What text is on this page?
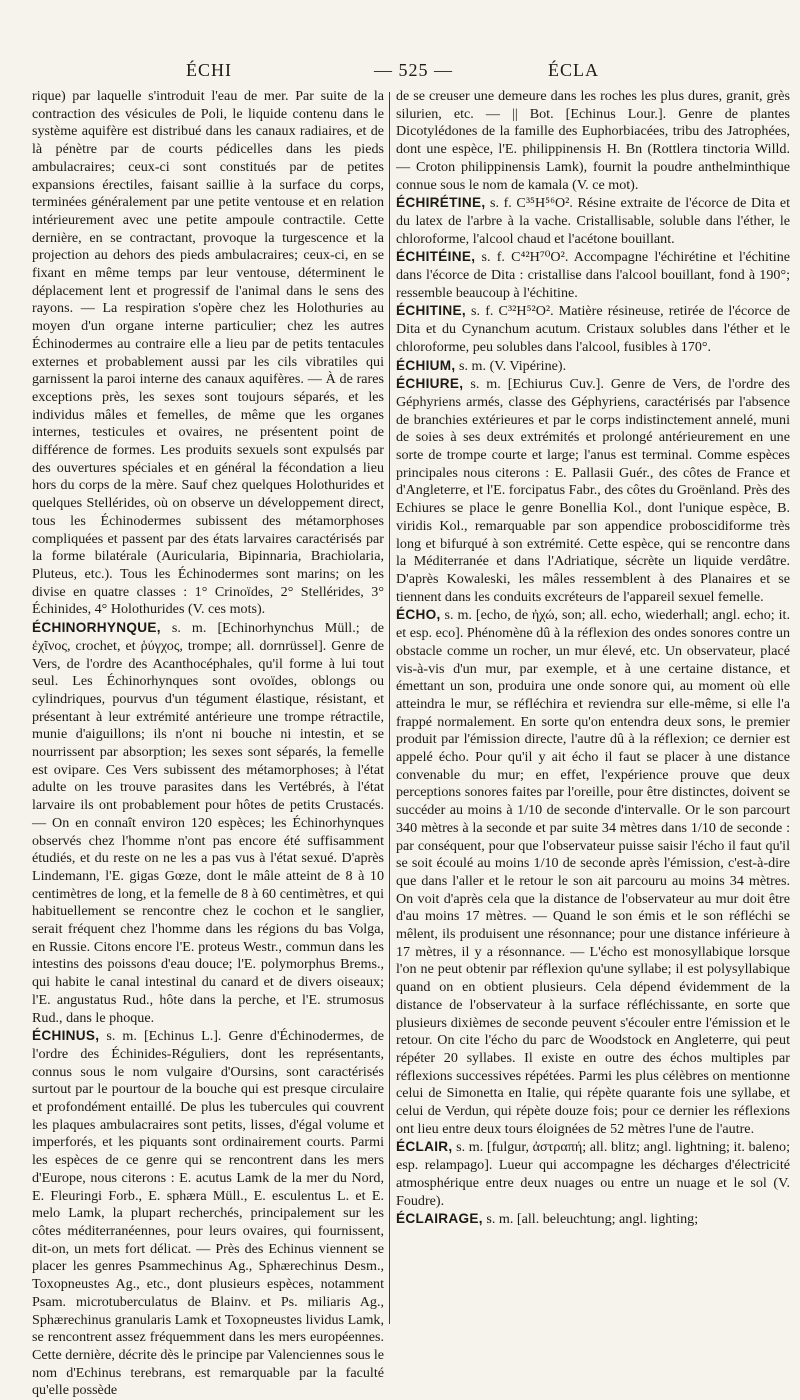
ÉCHI	— 525 —	ÉCLA

rique) par laquelle s'introduit l'eau de mer. Par suite de la contraction des vésicules de Poli, le liquide contenu dans le système aquifère est distribué dans les canaux radiaires, et de là pénètre par de courts pédicelles dans les pieds ambulacraires; ceux-ci sont constitués par de petites expansions érectiles, faisant saillie à la surface du corps, terminées généralement par une petite ventouse et en relation intérieurement avec une petite ampoule contractile. Cette dernière, en se contractant, provoque la turgescence et la projection au dehors des pieds ambulacraires; ceux-ci, en se fixant en même temps par leur ventouse, déterminent le déplacement lent et progressif de l'animal dans le sens des rayons. — La respiration s'opère chez les Holothuries au moyen d'un organe interne particulier; chez les autres Échinodermes au contraire elle a lieu par de petits tentacules externes et probablement aussi par les cils vibratiles qui garnissent la paroi interne des canaux aquifères. — À de rares exceptions près, les sexes sont toujours séparés, et les individus mâles et femelles, de même que les organes internes, testicules et ovaires, ne présentent point de différence de formes. Les produits sexuels sont expulsés par des ouvertures spéciales et en général la fécondation a lieu hors du corps de la mère. Sauf chez quelques Holothurides et quelques Stellérides, où on observe un développement direct, tous les Échinodermes subissent des métamorphoses compliquées et passent par des états larvaires caractérisés par la forme bilatérale (Auricularia, Bipinnaria, Brachiolaria, Pluteus, etc.). Tous les Échinodermes sont marins; on les divise en quatre classes : 1° Crinoïdes, 2° Stellérides, 3° Échinides, 4° Holothurides (V. ces mots).

ÉCHINORHYNQUE, s. m. [Echinorhynchus Müll.; de ἐχῖνος, crochet, et ῥύγχος, trompe; all. dornrüssel]. Genre de Vers, de l'ordre des Acanthocéphales, qu'il forme à lui tout seul. Les Échinorhynques sont ovoïdes, oblongs ou cylindriques, pourvus d'un tégument élastique, résistant, et présentant à leur extrémité antérieure une trompe rétractile, munie d'aiguillons; ils n'ont ni bouche ni intestin, et se nourrissent par absorption; les sexes sont séparés, la femelle est ovipare. Ces Vers subissent des métamorphoses; à l'état adulte on les trouve parasites dans les Vertébrés, à l'état larvaire ils ont probablement pour hôtes de petits Crustacés. — On en connaît environ 120 espèces; les Échinorhynques observés chez l'homme n'ont pas encore été suffisamment étudiés, et du reste on ne les a pas vus à l'état sexué. D'après Lindemann, l'E. gigas Gœze, dont le mâle atteint de 8 à 10 centimètres de long, et la femelle de 8 à 60 centimètres, et qui habituellement se rencontre chez le cochon et le sanglier, serait fréquent chez l'homme dans les régions du bas Volga, en Russie. Citons encore l'E. proteus Westr., commun dans les intestins des poissons d'eau douce; l'E. polymorphus Brems., qui habite le canal intestinal du canard et de divers oiseaux; l'E. angustatus Rud., hôte dans la perche, et l'E. strumosus Rud., dans le phoque.

ÉCHINUS, s. m. [Echinus L.]. Genre d'Échinodermes, de l'ordre des Échinides-Réguliers, dont les représentants, connus sous le nom vulgaire d'Oursins, sont caractérisés surtout par le pourtour de la bouche qui est presque circulaire et profondément entaillé. De plus les tubercules qui couvrent les plaques ambulacraires sont petits, lisses, d'égal volume et imperforés, et les piquants sont ordinairement courts. Parmi les espèces de ce genre qui se rencontrent dans les mers d'Europe, nous citerons : E. acutus Lamk de la mer du Nord, E. Fleuringi Forb., E. sphæra Müll., E. esculentus L. et E. melo Lamk, la plupart recherchés, principalement sur les côtes méditerranéennes, pour leurs ovaires, qui fournissent, dit-on, un mets fort délicat. — Près des Echinus viennent se placer les genres Psammechinus Ag., Sphærechinus Desm., Toxopneustes Ag., etc., dont plusieurs espèces, notamment Psam. microtuberculatus de Blainv. et Ps. miliaris Ag., Sphærechinus granularis Lamk et Toxopneustes lividus Lamk, se rencontrent assez fréquemment dans les mers européennes. Cette dernière, décrite dès le principe par Valenciennes sous le nom d'Echinus terebrans, est remarquable par la faculté qu'elle possède

de se creuser une demeure dans les roches les plus dures, granit, grès silurien, etc. — || Bot. [Echinus Lour.]. Genre de plantes Dicotylédones de la famille des Euphorbiacées, tribu des Jatrophées, dont une espèce, l'E. philippinensis H. Bn (Rottlera tinctoria Willd. — Croton philippinensis Lamk), fournit la poudre anthelminthique connue sous le nom de kamala (V. ce mot).

ÉCHIRÉTINE, s. f. C³⁵H⁵⁶O². Résine extraite de l'écorce de Dita et du latex de l'arbre à la vache. Cristallisable, soluble dans l'éther, le chloroforme, l'alcool chaud et l'acétone bouillant.

ÉCHITÉINE, s. f. C⁴²H⁷⁰O². Accompagne l'échirétine et l'échitine dans l'écorce de Dita : cristallise dans l'alcool bouillant, fond à 190°; ressemble beaucoup à l'échitine.

ÉCHITINE, s. f. C³²H⁵²O². Matière résineuse, retirée de l'écorce de Dita et du Cynanchum acutum. Cristaux solubles dans l'éther et le chloroforme, peu solubles dans l'alcool, fusibles à 170°.

ÉCHIUM, s. m. (V. Vipérine).

ÉCHIURE, s. m. [Echiurus Cuv.]. Genre de Vers, de l'ordre des Géphyriens armés, classe des Géphyriens, caractérisés par l'absence de branchies extérieures et par le corps indistinctement annelé, muni de soies à ses deux extrémités et prolongé antérieurement en une sorte de trompe courte et large; l'anus est terminal. Comme espèces principales nous citerons : E. Pallasii Guér., des côtes de France et d'Angleterre, et l'E. forcipatus Fabr., des côtes du Groënland. Près des Echiures se place le genre Bonellia Kol., dont l'unique espèce, B. viridis Kol., remarquable par son appendice proboscidiforme très long et bifurqué à son extrémité. Cette espèce, qui se rencontre dans la Méditerranée et dans l'Adriatique, sécrète un liquide verdâtre. D'après Kowaleski, les mâles ressemblent à des Planaires et se tiennent dans les conduits excréteurs de l'appareil sexuel femelle.

ÉCHO, s. m. [echo, de ἠχώ, son; all. echo, wiederhall; angl. echo; it. et esp. eco]. Phénomène dû à la réflexion des ondes sonores contre un obstacle comme un rocher, un mur élevé, etc. Un observateur, placé vis-à-vis d'un mur, par exemple, et à une certaine distance, et émettant un son, produira une onde sonore qui, au moment où elle atteindra le mur, se réfléchira et reviendra sur elle-même, si elle l'a frappé normalement. En sorte qu'on entendra deux sons, le premier produit par l'émission directe, l'autre dû à la réflexion; ce dernier est appelé écho. Pour qu'il y ait écho il faut se placer à une distance convenable du mur; en effet, l'expérience prouve que deux perceptions sonores faites par l'oreille, pour être distinctes, doivent se succéder au moins à 1/10 de seconde d'intervalle. Or le son parcourt 340 mètres à la seconde et par suite 34 mètres dans 1/10 de seconde : par conséquent, pour que l'observateur puisse saisir l'écho il faut qu'il se soit écoulé au moins 1/10 de seconde après l'émission, c'est-à-dire que dans l'aller et le retour le son ait parcouru au moins 34 mètres. On voit d'après cela que la distance de l'observateur au mur doit être d'au moins 17 mètres. — Quand le son émis et le son réfléchi se mêlent, ils produisent une résonnance; pour une distance inférieure à 17 mètres, il y a résonnance. — L'écho est monosyllabique lorsque l'on ne peut obtenir par réflexion qu'une syllabe; il est polysyllabique quand on en obtient plusieurs. Cela dépend évidemment de la distance de l'observateur à la surface réfléchissante, en sorte que plusieurs dixièmes de seconde peuvent s'écouler entre l'émission et le retour. On cite l'écho du parc de Woodstock en Angleterre, qui peut répéter 20 syllabes. Il existe en outre des échos multiples par réflexions successives répétées. Parmi les plus célèbres on mentionne celui de Simonetta en Italie, qui répète quarante fois une syllabe, et celui de Verdun, qui répète douze fois; pour ce dernier les réflexions ont lieu entre deux tours éloignées de 52 mètres l'une de l'autre.

ÉCLAIR, s. m. [fulgur, ἀστραπή; all. blitz; angl. lightning; it. baleno; esp. relampago]. Lueur qui accompagne les décharges d'électricité atmosphérique entre deux nuages ou entre un nuage et le sol (V. Foudre).

ÉCLAIRAGE, s. m. [all. beleuchtung; angl. lighting;
